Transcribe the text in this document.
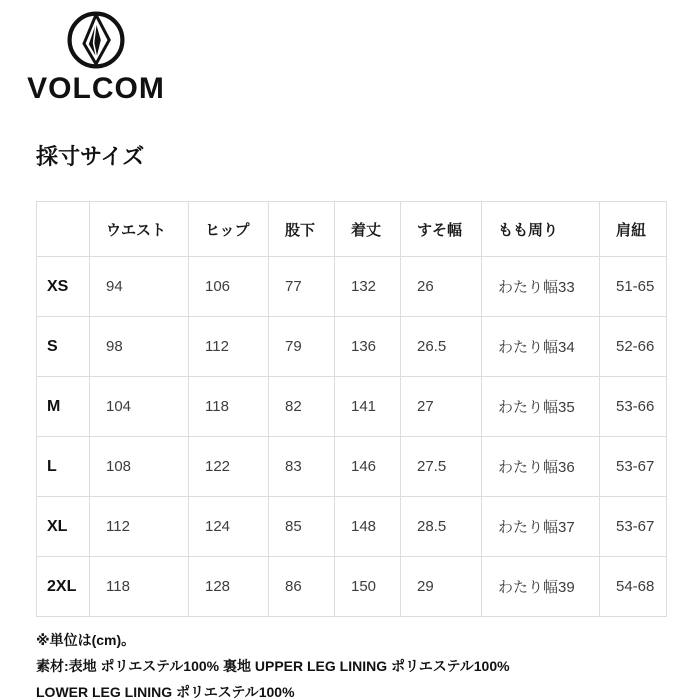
VOLCOM
採寸サイズ
	ウエスト	ヒップ	股下	着丈	すそ幅	もも周り	肩紐
XS	94	106	77	132	26	わたり幅33	51-65
S	98	112	79	136	26.5	わたり幅34	52-66
M	104	118	82	141	27	わたり幅35	53-66
L	108	122	83	146	27.5	わたり幅36	53-67
XL	112	124	85	148	28.5	わたり幅37	53-67
2XL	118	128	86	150	29	わたり幅39	54-68

※単位は(cm)。

素材:表地 ポリエステル100% 裏地 UPPER LEG LINING ポリエステル100%

LOWER LEG LINING ポリエステル100%
